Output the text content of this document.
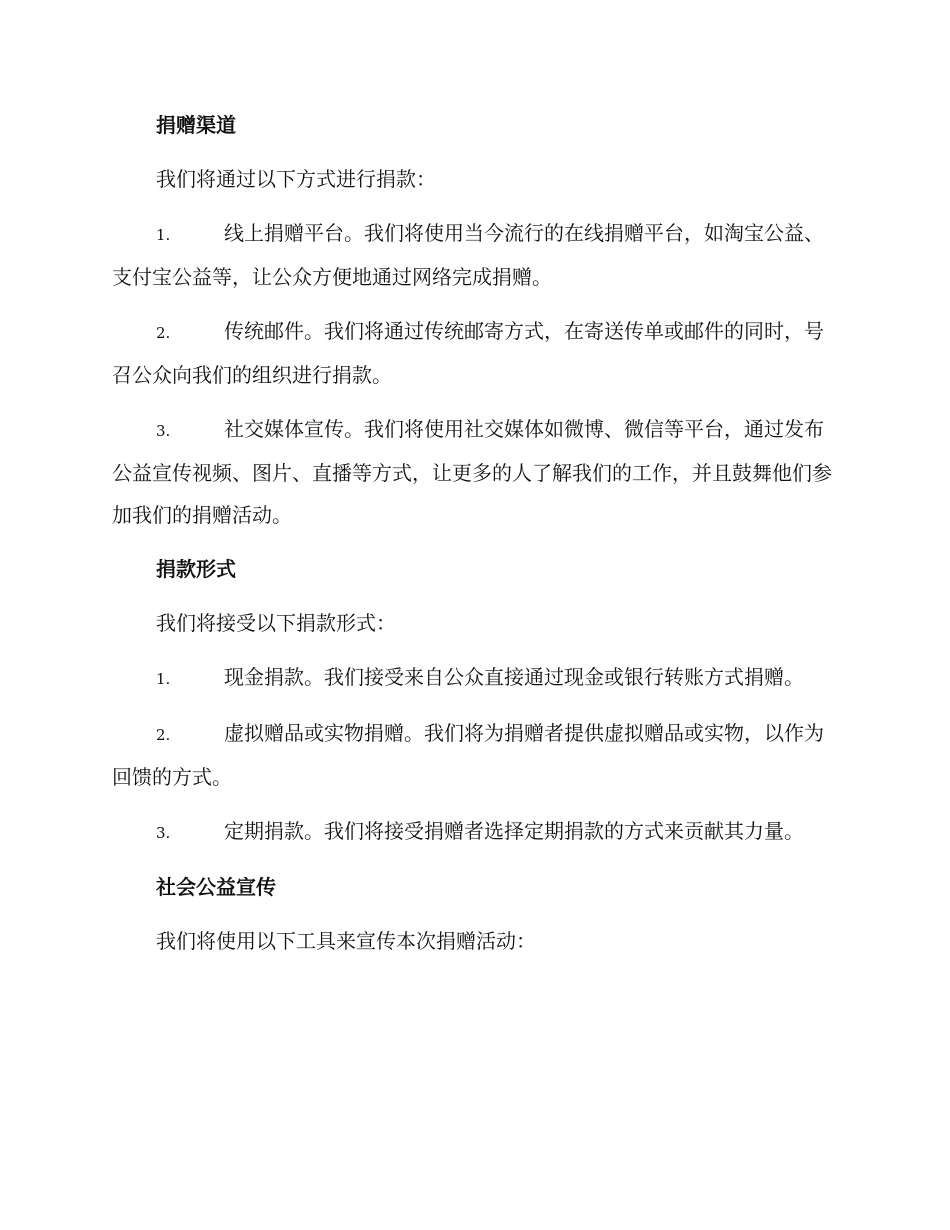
捐赠渠道
我们将通过以下方式进行捐款：
1.	线上捐赠平台。我们将使用当今流行的在线捐赠平台，如淘宝公益、支付宝公益等，让公众方便地通过网络完成捐赠。
2.	传统邮件。我们将通过传统邮寄方式，在寄送传单或邮件的同时，号召公众向我们的组织进行捐款。
3.	社交媒体宣传。我们将使用社交媒体如微博、微信等平台，通过发布公益宣传视频、图片、直播等方式，让更多的人了解我们的工作，并且鼓舞他们参加我们的捐赠活动。
捐款形式
我们将接受以下捐款形式：
1.	现金捐款。我们接受来自公众直接通过现金或银行转账方式捐赠。
2.	虚拟赠品或实物捐赠。我们将为捐赠者提供虚拟赠品或实物，以作为回馈的方式。
3.	定期捐款。我们将接受捐赠者选择定期捐款的方式来贡献其力量。
社会公益宣传
我们将使用以下工具来宣传本次捐赠活动：
